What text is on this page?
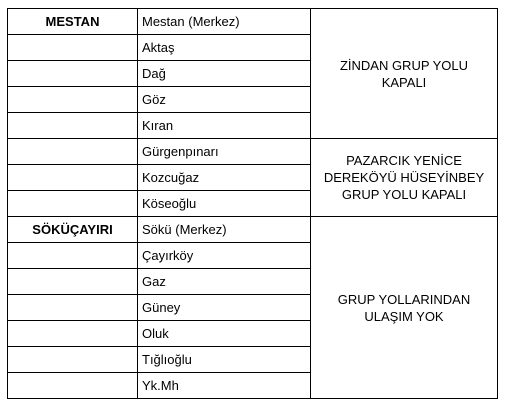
MESTAN	Mestan (Merkez)	ZİNDAN GRUP YOLU
KAPALI

	Aktaş	
	Dağ	
	Göz	
	Kıran	
	Gürgenpınarı	PAZARCIK YENİCE
DEREKÖYÜ HÜSEYİNBEY
GRUP YOLU KAPALI

	Kozcuğaz	
	Köseoğlu	
SÖKÜÇAYIRI	Sökü (Merkez)	GRUP YOLLARINDAN
ULAŞIM YOK

	Çayırköy	
	Gaz	
	Güney	
	Oluk	
	Tığlıoğlu	
	Yk.Mh	
